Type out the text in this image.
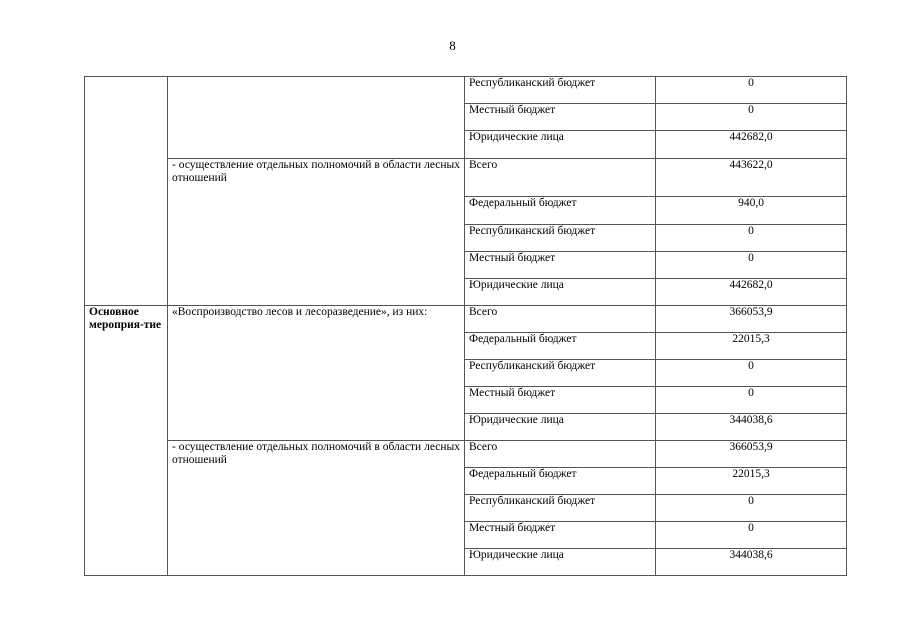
8
		Республиканский бюджет	0
		Местный бюджет	0
		Юридические лица	442682,0
	- осуществление отдельных полномочий в области лесных отношений	Всего	443622,0
		Федеральный бюджет	940,0
		Республиканский бюджет	0
		Местный бюджет	0
		Юридические лица	442682,0
Основное мероприя-тие	«Воспроизводство лесов и лесоразведение», из них:	Всего	366053,9
		Федеральный бюджет	22015,3
		Республиканский бюджет	0
		Местный бюджет	0
		Юридические лица	344038,6
	- осуществление отдельных полномочий в области лесных отношений	Всего	366053,9
		Федеральный бюджет	22015,3
		Республиканский бюджет	0
		Местный бюджет	0
		Юридические лица	344038,6
